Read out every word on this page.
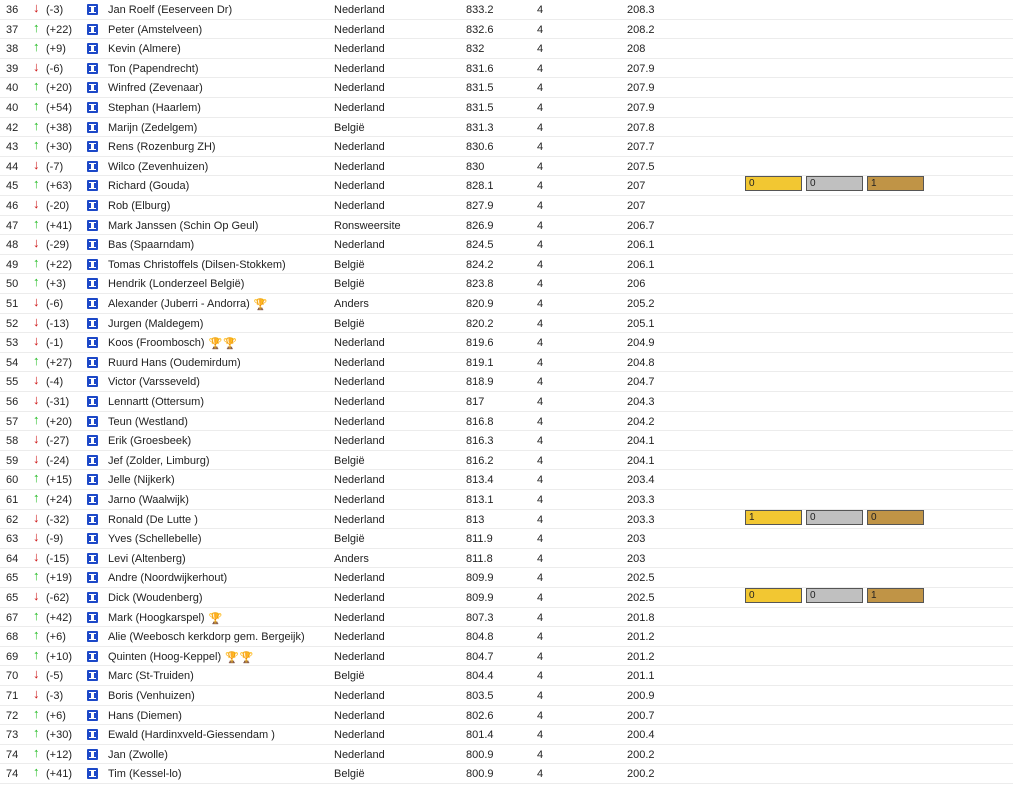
36 ↓ (-3)	Jan Roelf (Eeserveen Dr)	Nederland	833.2	4	208.3
37 ↑ (+22)	Peter (Amstelveen)	Nederland	832.6	4	208.2
38 ↑ (+9)	Kevin (Almere)	Nederland	832	4	208
39 ↓ (-6)	Ton (Papendrecht)	Nederland	831.6	4	207.9
40 ↑ (+20)	Winfred (Zevenaar)	Nederland	831.5	4	207.9
40 ↑ (+54)	Stephan (Haarlem)	Nederland	831.5	4	207.9
42 ↑ (+38)	Marijn (Zedelgem)	België	831.3	4	207.8
43 ↑ (+30)	Rens (Rozenburg ZH)	Nederland	830.6	4	207.7
44 ↓ (-7)	Wilco (Zevenhuizen)	Nederland	830	4	207.5
45 ↑ (+63)	Richard (Gouda)	Nederland	828.1	4	207	0	0	1
46 ↓ (-20)	Rob (Elburg)	Nederland	827.9	4	207
47 ↑ (+41)	Mark Janssen (Schin Op Geul)	Ronsweersite	826.9	4	206.7
48 ↓ (-29)	Bas (Spaarndam)	Nederland	824.5	4	206.1
49 ↑ (+22)	Tomas Christoffels (Dilsen-Stokkem)	België	824.2	4	206.1
50 ↑ (+3)	Hendrik (Londerzeel België)	België	823.8	4	206
51 ↓ (-6)	Alexander (Juberri - Andorra) 🏆	Anders	820.9	4	205.2
52 ↓ (-13)	Jurgen (Maldegem)	België	820.2	4	205.1
53 ↓ (-1)	Koos (Froombosch) 🏆🏆	Nederland	819.6	4	204.9
54 ↑ (+27)	Ruurd Hans (Oudemirdum)	Nederland	819.1	4	204.8
55 ↓ (-4)	Victor (Varsseveld)	Nederland	818.9	4	204.7
56 ↓ (-31)	Lennartt (Ottersum)	Nederland	817	4	204.3
57 ↑ (+20)	Teun (Westland)	Nederland	816.8	4	204.2
58 ↓ (-27)	Erik (Groesbeek)	Nederland	816.3	4	204.1
59 ↓ (-24)	Jef (Zolder, Limburg)	België	816.2	4	204.1
60 ↑ (+15)	Jelle (Nijkerk)	Nederland	813.4	4	203.4
61 ↑ (+24)	Jarno (Waalwijk)	Nederland	813.1	4	203.3
62 ↓ (-32)	Ronald (De Lutte )	Nederland	813	4	203.3	1	0	0
63 ↓ (-9)	Yves (Schellebelle)	België	811.9	4	203
64 ↓ (-15)	Levi (Altenberg)	Anders	811.8	4	203
65 ↑ (+19)	Andre (Noordwijkerhout)	Nederland	809.9	4	202.5
65 ↓ (-62)	Dick (Woudenberg)	Nederland	809.9	4	202.5	0	0	1
67 ↑ (+42)	Mark (Hoogkarspel) 🏆	Nederland	807.3	4	201.8
68 ↑ (+6)	Alie (Weebosch kerkdorp gem. Bergeijk)	Nederland	804.8	4	201.2
69 ↑ (+10)	Quinten (Hoog-Keppel) 🏆🏆	Nederland	804.7	4	201.2
70 ↓ (-5)	Marc (St-Truiden)	België	804.4	4	201.1
71 ↓ (-3)	Boris (Venhuizen)	Nederland	803.5	4	200.9
72 ↑ (+6)	Hans (Diemen)	Nederland	802.6	4	200.7
73 ↑ (+30)	Ewald (Hardinxveld-Giessendam )	Nederland	801.4	4	200.4
74 ↑ (+12)	Jan (Zwolle)	Nederland	800.9	4	200.2
74 ↑ (+41)	Tim (Kessel-lo)	België	800.9	4	200.2
